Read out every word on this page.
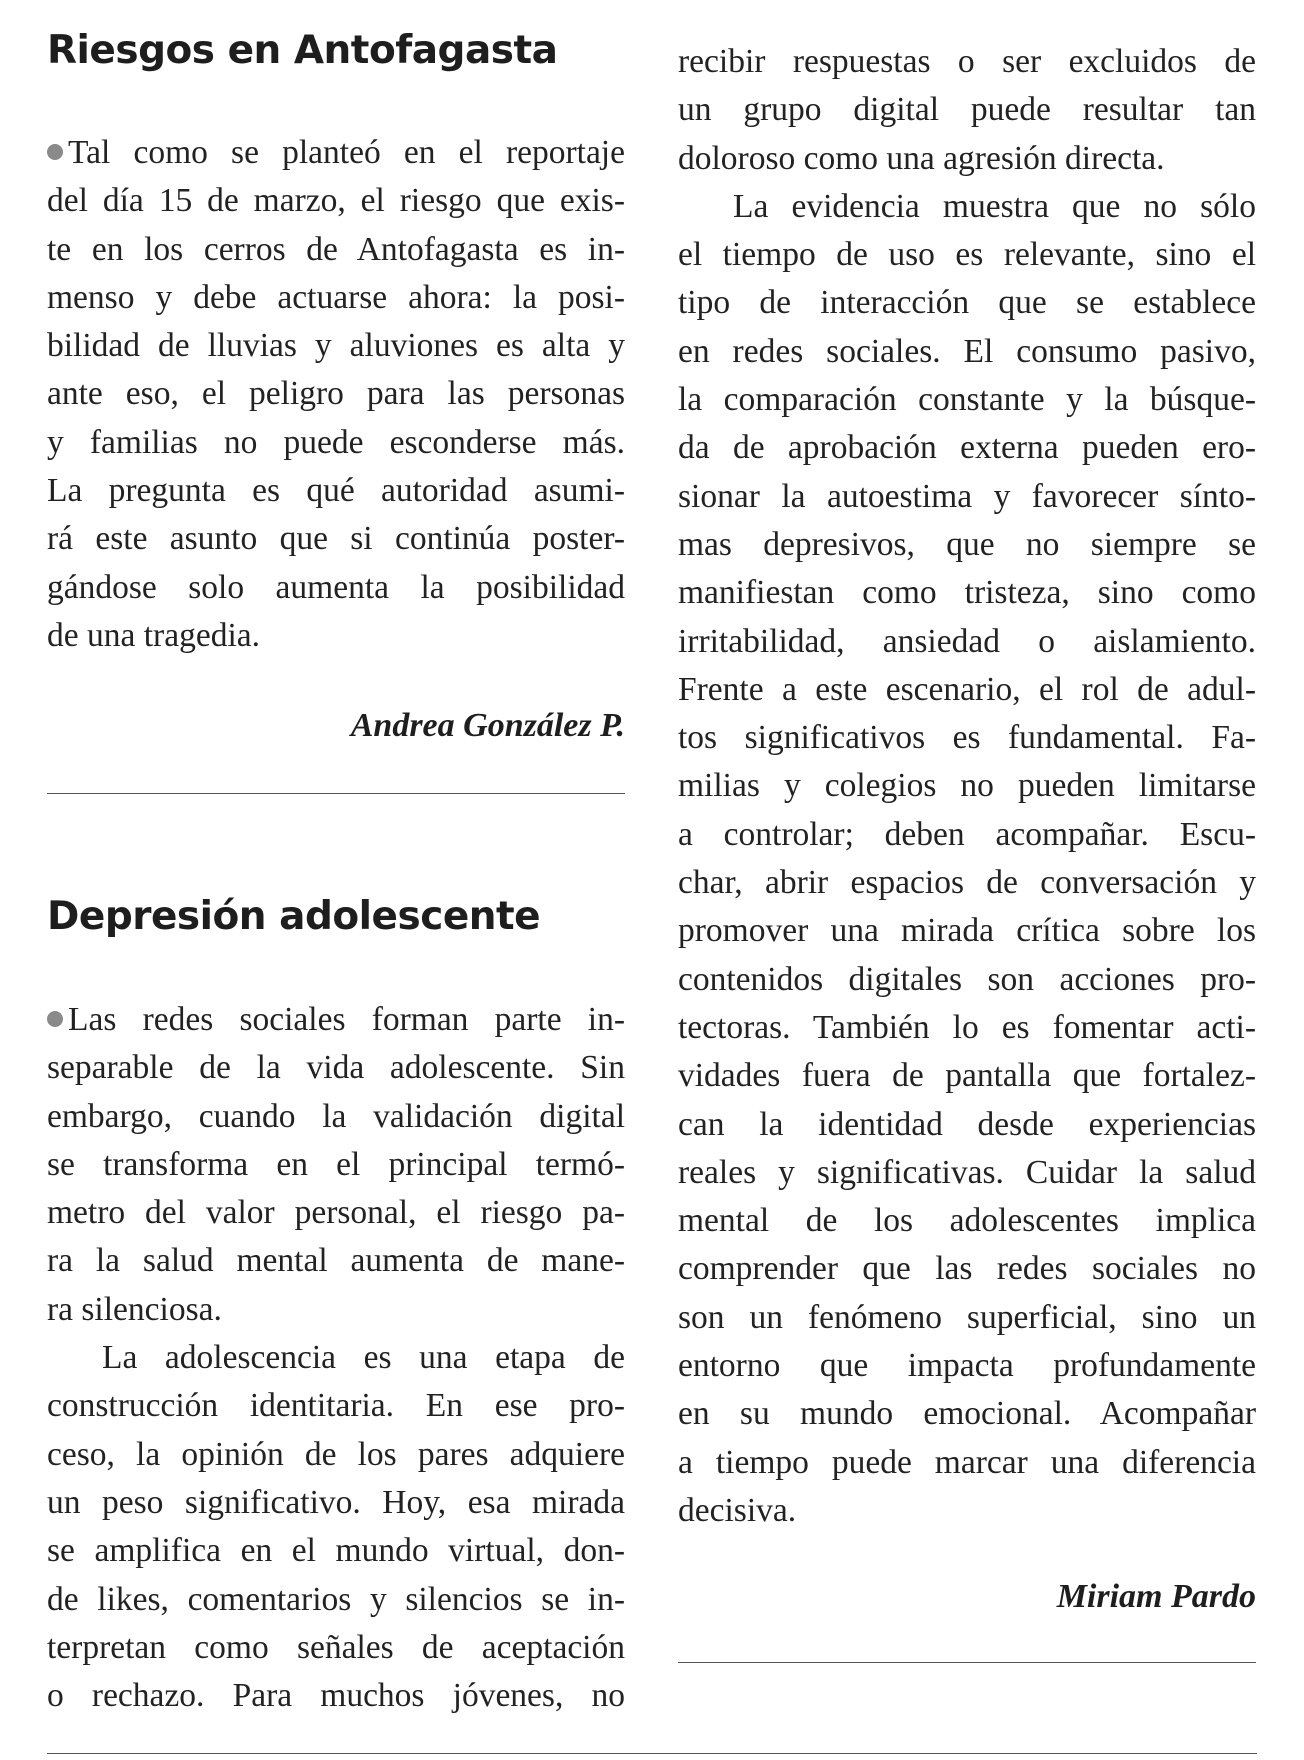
Riesgos en Antofagasta
Tal como se planteó en el reportaje
del día 15 de marzo, el riesgo que exis-
te en los cerros de Antofagasta es in-
menso y debe actuarse ahora: la posi-
bilidad de lluvias y aluviones es alta y
ante eso, el peligro para las personas
y familias no puede esconderse más.
La pregunta es qué autoridad asumi-
rá este asunto que si continúa poster-
gándose solo aumenta la posibilidad
de una tragedia.
Andrea González P.
Depresión adolescente
Las redes sociales forman parte in-
separable de la vida adolescente. Sin
embargo, cuando la validación digital
se transforma en el principal termó-
metro del valor personal, el riesgo pa-
ra la salud mental aumenta de mane-
ra silenciosa.
La adolescencia es una etapa de
construcción identitaria. En ese pro-
ceso, la opinión de los pares adquiere
un peso significativo. Hoy, esa mirada
se amplifica en el mundo virtual, don-
de likes, comentarios y silencios se in-
terpretan como señales de aceptación
o rechazo. Para muchos jóvenes, no
recibir respuestas o ser excluidos de
un grupo digital puede resultar tan
doloroso como una agresión directa.
La evidencia muestra que no sólo
el tiempo de uso es relevante, sino el
tipo de interacción que se establece
en redes sociales. El consumo pasivo,
la comparación constante y la búsque-
da de aprobación externa pueden ero-
sionar la autoestima y favorecer sínto-
mas depresivos, que no siempre se
manifiestan como tristeza, sino como
irritabilidad, ansiedad o aislamiento.
Frente a este escenario, el rol de adul-
tos significativos es fundamental. Fa-
milias y colegios no pueden limitarse
a controlar; deben acompañar. Escu-
char, abrir espacios de conversación y
promover una mirada crítica sobre los
contenidos digitales son acciones pro-
tectoras. También lo es fomentar acti-
vidades fuera de pantalla que fortalez-
can la identidad desde experiencias
reales y significativas. Cuidar la salud
mental de los adolescentes implica
comprender que las redes sociales no
son un fenómeno superficial, sino un
entorno que impacta profundamente
en su mundo emocional. Acompañar
a tiempo puede marcar una diferencia
decisiva.
Miriam Pardo
